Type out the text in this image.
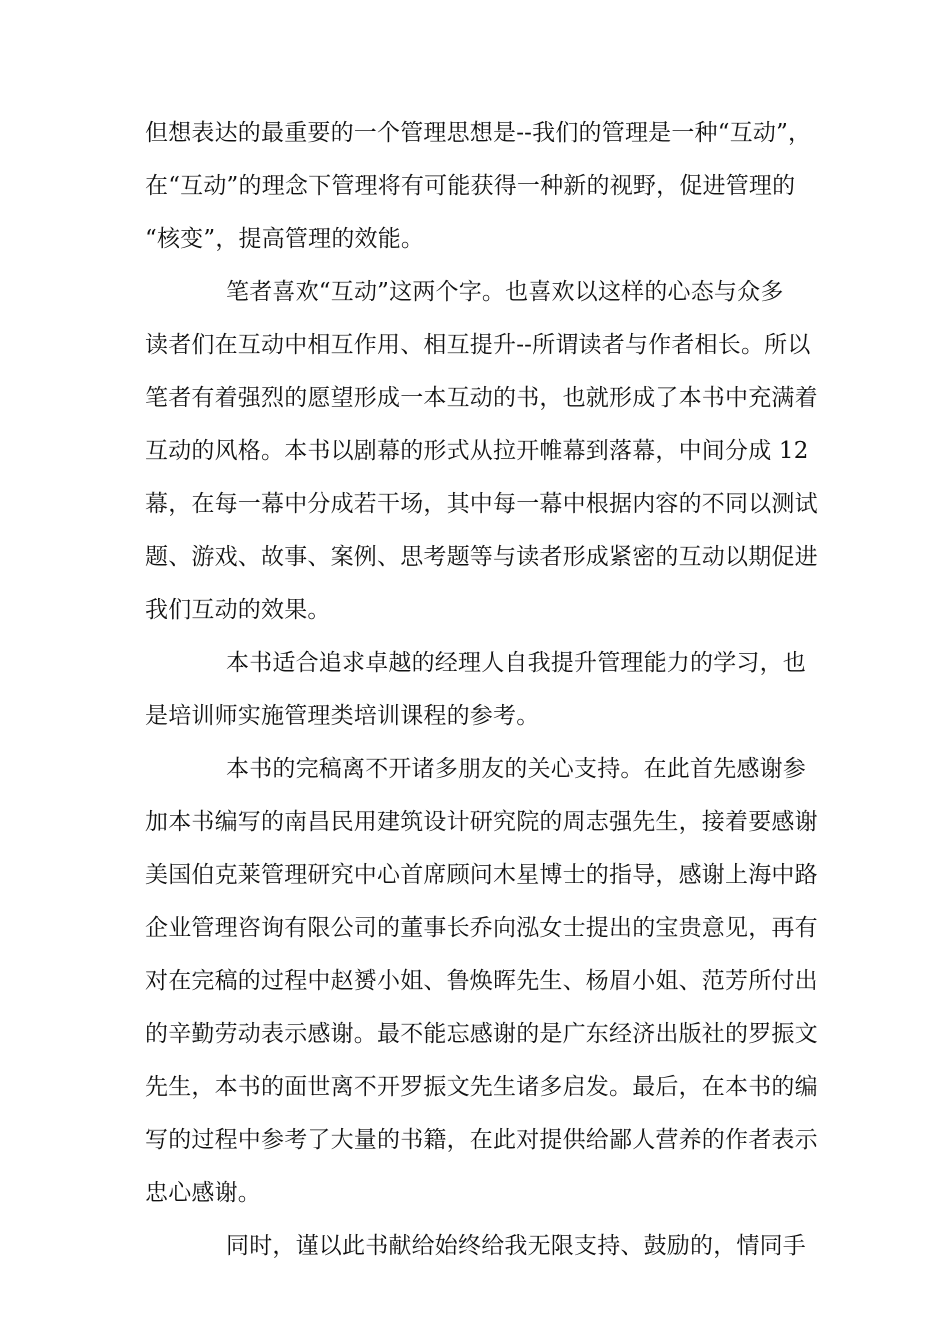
但想表达的最重要的一个管理思想是--我们的管理是一种“互动”，
在“互动”的理念下管理将有可能获得一种新的视野，促进管理的
“核变”，提高管理的效能。
笔者喜欢“互动”这两个字。也喜欢以这样的心态与众多
读者们在互动中相互作用、相互提升--所谓读者与作者相长。所以
笔者有着强烈的愿望形成一本互动的书，也就形成了本书中充满着
互动的风格。本书以剧幕的形式从拉开帷幕到落幕，中间分成 12
幕，在每一幕中分成若干场，其中每一幕中根据内容的不同以测试
题、游戏、故事、案例、思考题等与读者形成紧密的互动以期促进
我们互动的效果。
本书适合追求卓越的经理人自我提升管理能力的学习，也
是培训师实施管理类培训课程的参考。
本书的完稿离不开诸多朋友的关心支持。在此首先感谢参
加本书编写的南昌民用建筑设计研究院的周志强先生，接着要感谢
美国伯克莱管理研究中心首席顾问木星博士的指导，感谢上海中路
企业管理咨询有限公司的董事长乔向泓女士提出的宝贵意见，再有
对在完稿的过程中赵赟小姐、鲁焕晖先生、杨眉小姐、范芳所付出
的辛勤劳动表示感谢。最不能忘感谢的是广东经济出版社的罗振文
先生，本书的面世离不开罗振文先生诸多启发。最后，在本书的编
写的过程中参考了大量的书籍，在此对提供给鄙人营养的作者表示
忠心感谢。
同时，谨以此书献给始终给我无限支持、鼓励的，情同手
